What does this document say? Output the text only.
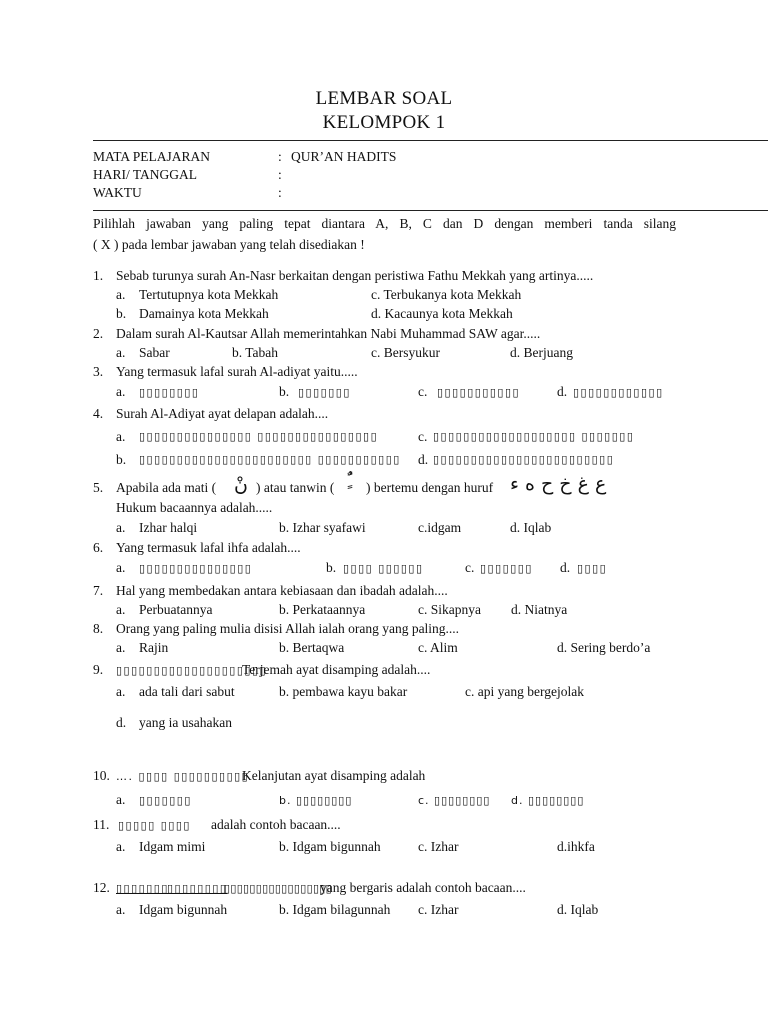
LEMBAR SOAL
KELOMPOK 1
MATA PELAJARAN	: QUR’AN HADITS
HARI/ TANGGAL	:
WAKTU	:
Pilihlah jawaban yang paling tepat diantara A, B, C dan D dengan memberi tanda silang
( X ) pada lembar jawaban yang telah disediakan !
1. Sebab turunya surah An-Nasr berkaitan dengan peristiwa Fathu Mekkah yang artinya.....
a. Tertutupnya kota Mekkah	c. Terbukanya kota Mekkah
b. Damainya kota Mekkah	d. Kacaunya kota Mekkah
2. Dalam surah Al-Kautsar Allah memerintahkan Nabi Muhammad SAW agar.....
a. Sabar	b. Tabah	c. Bersyukur	d. Berjuang
3. Yang termasuk lafal surah Al-adiyat yaitu.....
a. ▯▯▯▯▯▯▯▯	b. ▯▯▯▯▯▯▯	c. ▯▯▯▯▯▯▯▯▯▯▯	d. ▯▯▯▯▯▯▯▯▯▯▯▯
4. Surah Al-Adiyat ayat delapan adalah....
a. ▯▯▯▯▯▯▯▯▯▯▯▯▯▯▯ ▯▯▯▯▯▯▯▯▯▯▯▯▯▯▯▯	c. ▯▯▯▯▯▯▯▯▯▯▯▯▯▯▯▯▯▯▯ ▯▯▯▯▯▯▯
b. ▯▯▯▯▯▯▯▯▯▯▯▯▯▯▯▯▯▯▯▯▯▯▯ ▯▯▯▯▯▯▯▯▯▯▯ d. ▯▯▯▯▯▯▯▯▯▯▯▯▯▯▯▯▯▯▯▯▯▯▯▯
5. Apabila ada mati ( نْ ) atau tanwin ( ) bertemu dengan huruf ع غ خ ح ه ء
Hukum bacaannya adalah.....
a. Izhar halqi	b. Izhar syafawi	c.idgam	d. Iqlab
6. Yang termasuk lafal ihfa adalah....
a. ▯▯▯▯▯▯▯▯▯▯▯▯▯▯▯	b. ▯▯▯▯ ▯▯▯▯▯▯	c. ▯▯▯▯▯▯▯ d. ▯▯▯▯
7. Hal yang membedakan antara kebiasaan dan ibadah adalah....
a. Perbuatannya	b. Perkataannya	c. Sikapnya d. Niatnya
8. Orang yang paling mulia disisi Allah ialah orang yang paling....
a. Rajin	b. Bertaqwa	c. Alim	d. Sering berdo’a
9. ▯▯▯▯▯▯▯▯▯▯▯▯▯▯▯▯▯▯▯▯
Terjemah ayat disamping adalah....
a. ada tali dari sabut	b. pembawa kayu bakar	c. api yang bergejolak
d. yang ia usahakan
10. …. ▯▯▯▯ ▯▯▯▯▯▯▯▯▯▯
Kelanjutan ayat disamping adalah
a. ▯▯▯▯▯▯▯	b. ▯▯▯▯▯▯▯▯	c. ▯▯▯▯▯▯▯▯ d. ▯▯▯▯▯▯▯▯
11. ▯▯▯▯▯ ▯▯▯▯ adalah contoh bacaan....
a. Idgam mimi	b. Idgam bigunnah	c. Izhar	d.ihkfa
12. ▯▯▯▯▯▯▯
▯▯▯▯▯▯▯▯
▯▯▯▯▯▯▯▯▯▯▯▯▯▯▯▯▯
yang bergaris adalah contoh bacaan....
a. Idgam bigunnah	b. Idgam bilagunnah c. Izhar	d. Iqlab
